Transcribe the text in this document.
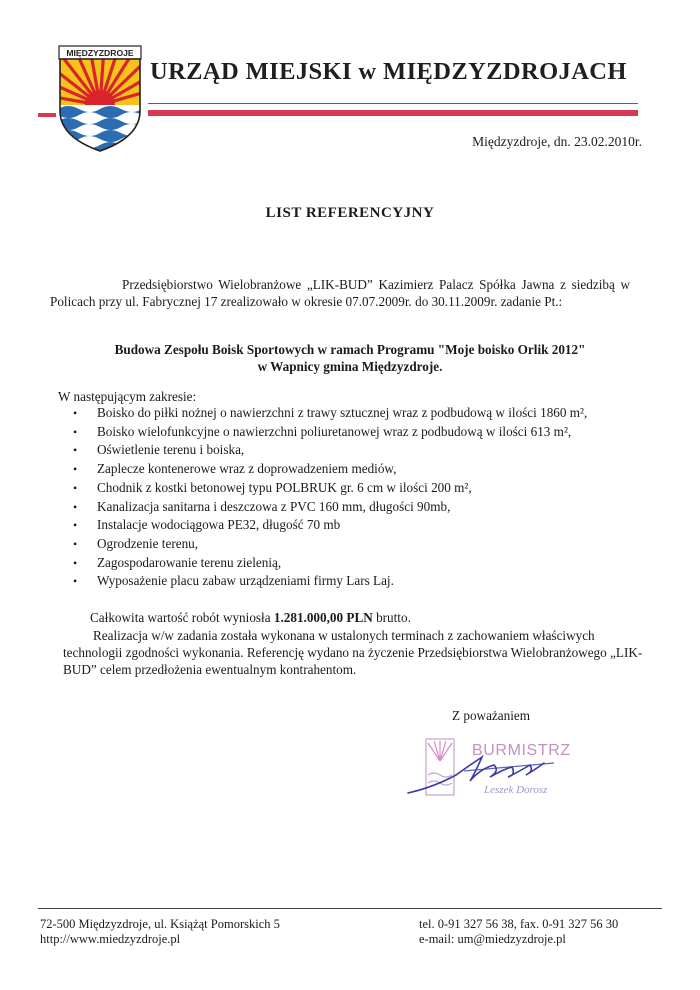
MIĘDZYZDROJE
URZĄD MIEJSKI w MIĘDZYZDROJACH
Międzyzdroje, dn. 23.02.2010r.
LIST REFERENCYJNY
Przedsiębiorstwo Wielobranżowe „LIK-BUD” Kazimierz Palacz Spółka Jawna z siedzibą w Policach przy ul. Fabrycznej 17 zrealizowało w okresie 07.07.2009r. do 30.11.2009r. zadanie Pt.:
Budowa Zespołu Boisk Sportowych w ramach Programu "Moje boisko Orlik 2012"
w Wapnicy gmina Międzyzdroje.
W następującym zakresie:
• Boisko do piłki nożnej o nawierzchni z trawy sztucznej wraz z podbudową w ilości 1860 m²,
• Boisko wielofunkcyjne o nawierzchni poliuretanowej wraz z podbudową w ilości 613 m²,
• Oświetlenie terenu i boiska,
• Zaplecze kontenerowe wraz z doprowadzeniem mediów,
• Chodnik z kostki betonowej typu POLBRUK gr. 6 cm w ilości 200 m²,
• Kanalizacja sanitarna i deszczowa z PVC 160 mm, długości 90mb,
• Instalacje wodociągowa PE32, długość 70 mb
• Ogrodzenie terenu,
• Zagospodarowanie terenu zielenią,
• Wyposażenie placu zabaw urządzeniami firmy Lars Laj.
Całkowita wartość robót wyniosła 1.281.000,00 PLN brutto.
Realizacja w/w zadania została wykonana w ustalonych terminach z zachowaniem właściwych technologii zgodności wykonania. Referencję wydano na życzenie Przedsiębiorstwa Wielobranżowego „LIK-BUD” celem przedłożenia ewentualnym kontrahentom.
Z poważaniem
BURMISTRZ
Leszek Dorosz
72-500 Międzyzdroje, ul. Książąt Pomorskich 5
http://www.miedzyzdroje.pl
tel. 0-91 327 56 38, fax. 0-91 327 56 30
e-mail: um@miedzyzdroje.pl
